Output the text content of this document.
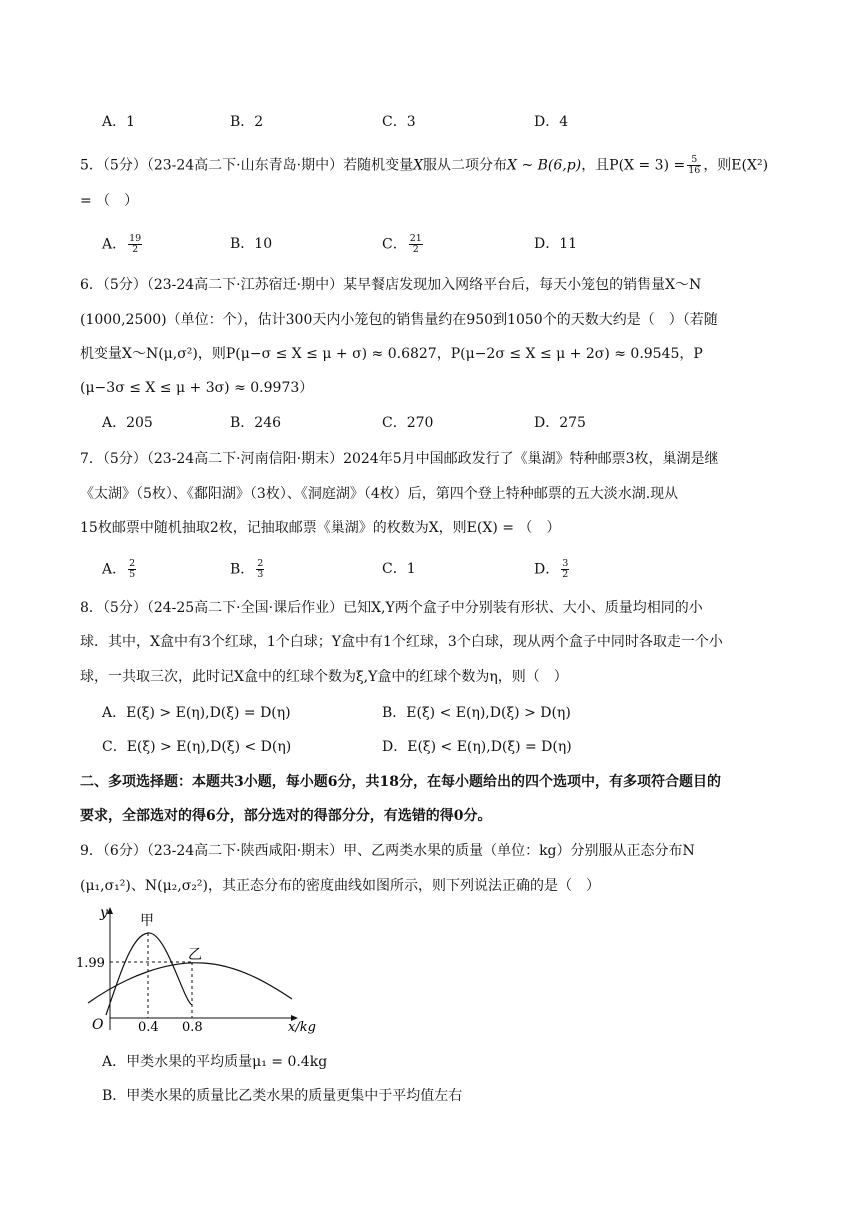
A．1	B．2	C．3	D．4
5．（5分）（23-24高二下·山东青岛·期中）若随机变量X服从二项分布X ~ B(6,p)，且$P(X = 3) = \frac{5}{16}$ ，则E(X²)
= （　）
A． $\frac{19}{2}$	B．10	C． $\frac{21}{2}$	D．11
6．（5分）（23-24高二下·江苏宿迁·期中）某早餐店发现加入网络平台后，每天小笼包的销售量X～N
(1000,2500)（单位：个），估计300天内小笼包的销售量约在950到1050个的天数大约是（　）（若随
机变量X～N(μ,σ²)，则P(μ−σ ≤ X ≤ μ + σ) ≈ 0.6827，P(μ−2σ ≤ X ≤ μ + 2σ) ≈ 0.9545，P
(μ−3σ ≤ X ≤ μ + 3σ) ≈ 0.9973）
A．205	B．246	C．270	D．275
7．（5分）（23-24高二下·河南信阳·期末）2024年5月中国邮政发行了《巢湖》特种邮票3枚，巢湖是继
《太湖》（5枚）、《鄱阳湖》（3枚）、《洞庭湖》（4枚）后，第四个登上特种邮票的五大淡水湖.现从
15枚邮票中随机抽取2枚，记抽取邮票《巢湖》的枚数为X，则E(X) = （　）
A． $\frac{2}{5}$	B． $\frac{2}{3}$	C．1	D． $\frac{3}{2}$
8．（5分）（24-25高二下·全国·课后作业）已知X,Y两个盒子中分别装有形状、大小、质量均相同的小
球．其中，X盒中有3个红球，1个白球；Y盒中有1个红球，3个白球，现从两个盒子中同时各取走一个小
球，一共取三次，此时记X盒中的红球个数为ξ,Y盒中的红球个数为η，则（　）
A．E(ξ) > E(η),D(ξ) = D(η)	B．E(ξ) < E(η),D(ξ) > D(η)
C．E(ξ) > E(η),D(ξ) < D(η)	D．E(ξ) < E(η),D(ξ) = D(η)
二、多项选择题：本题共3小题，每小题6分，共18分，在每小题给出的四个选项中，有多项符合题目的
要求，全部选对的得6分，部分选对的得部分分，有选错的得0分。
9．（6分）（23-24高二下·陕西咸阳·期末）甲、乙两类水果的质量（单位：kg）分别服从正态分布N
(μ₁,σ₁²)、N(μ₂,σ₂²)，其正态分布的密度曲线如图所示，则下列说法正确的是（　）
y
x/kg
O
甲
乙
1.99
0.4 0.8
A．甲类水果的平均质量μ₁ = 0.4kg
B．甲类水果的质量比乙类水果的质量更集中于平均值左右
